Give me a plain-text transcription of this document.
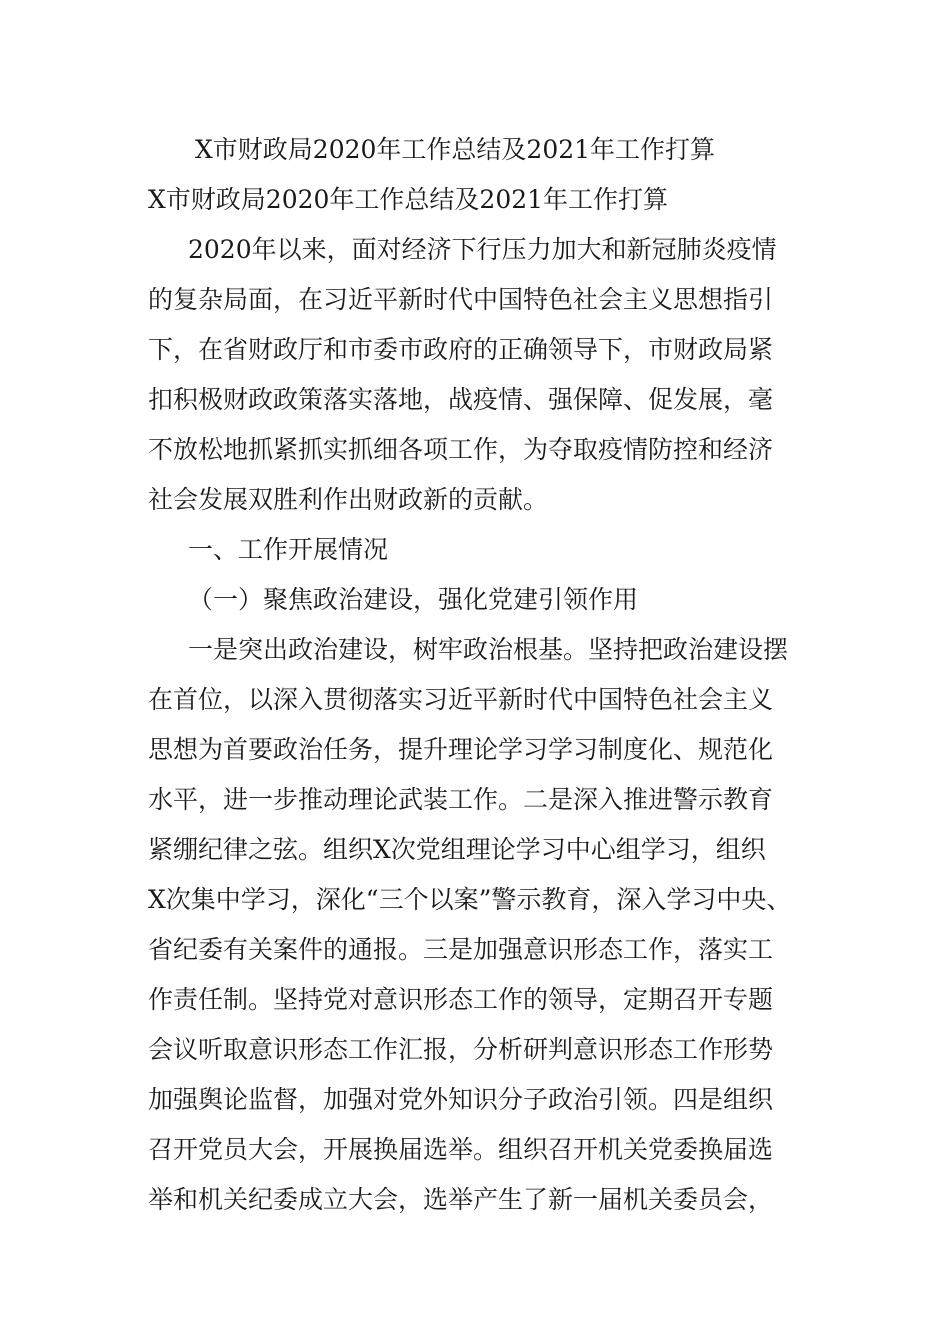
X市财政局2020年工作总结及2021年工作打算
X市财政局2020年工作总结及2021年工作打算
2020年以来，面对经济下行压力加大和新冠肺炎疫情
的复杂局面，在习近平新时代中国特色社会主义思想指引
下，在省财政厅和市委市政府的正确领导下，市财政局紧
扣积极财政政策落实落地，战疫情、强保障、促发展，毫
不放松地抓紧抓实抓细各项工作，为夺取疫情防控和经济
社会发展双胜利作出财政新的贡献。
一、工作开展情况
（一）聚焦政治建设，强化党建引领作用
一是突出政治建设，树牢政治根基。坚持把政治建设摆
在首位，以深入贯彻落实习近平新时代中国特色社会主义
思想为首要政治任务，提升理论学习学习制度化、规范化
水平，进一步推动理论武装工作。二是深入推进警示教育
紧绷纪律之弦。组织X次党组理论学习中心组学习，组织
X次集中学习，深化“三个以案”警示教育，深入学习中央、
省纪委有关案件的通报。三是加强意识形态工作，落实工
作责任制。坚持党对意识形态工作的领导，定期召开专题
会议听取意识形态工作汇报，分析研判意识形态工作形势
加强舆论监督，加强对党外知识分子政治引领。四是组织
召开党员大会，开展换届选举。组织召开机关党委换届选
举和机关纪委成立大会，选举产生了新一届机关委员会，
